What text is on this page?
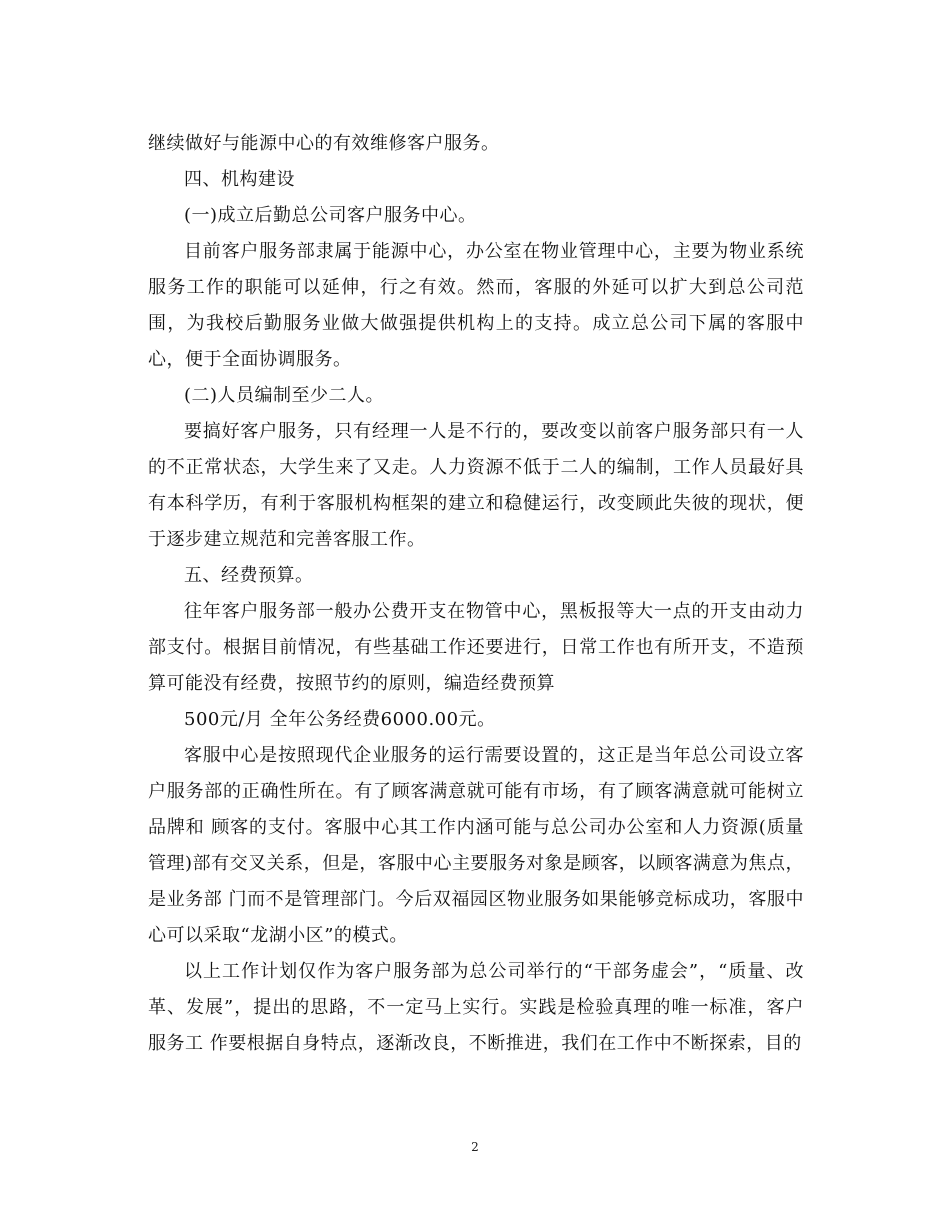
继续做好与能源中心的有效维修客户服务。

四、机构建设

(一)成立后勤总公司客户服务中心。

目前客户服务部隶属于能源中心，办公室在物业管理中心，主要为物业系统服务工作的职能可以延伸，行之有效。然而，客服的外延可以扩大到总公司范围，为我校后勤服务业做大做强提供机构上的支持。成立总公司下属的客服中心，便于全面协调服务。

(二)人员编制至少二人。

要搞好客户服务，只有经理一人是不行的，要改变以前客户服务部只有一人的不正常状态，大学生来了又走。人力资源不低于二人的编制，工作人员最好具有本科学历，有利于客服机构框架的建立和稳健运行，改变顾此失彼的现状，便于逐步建立规范和完善客服工作。

五、经费预算。

往年客户服务部一般办公费开支在物管中心，黑板报等大一点的开支由动力部支付。根据目前情况，有些基础工作还要进行，日常工作也有所开支，不造预算可能没有经费，按照节约的原则，编造经费预算

500元/月 全年公务经费6000.00元。

客服中心是按照现代企业服务的运行需要设置的，这正是当年总公司设立客户服务部的正确性所在。有了顾客满意就可能有市场，有了顾客满意就可能树立品牌和 顾客的支付。客服中心其工作内涵可能与总公司办公室和人力资源(质量管理)部有交叉关系，但是，客服中心主要服务对象是顾客，以顾客满意为焦点，是业务部 门而不是管理部门。今后双福园区物业服务如果能够竞标成功，客服中心可以采取“龙湖小区”的模式。

以上工作计划仅作为客户服务部为总公司举行的“干部务虚会”，“质量、改革、发展”，提出的思路，不一定马上实行。实践是检验真理的唯一标准，客户服务工 作要根据自身特点，逐渐改良，不断推进，我们在工作中不断探索，目的

2
